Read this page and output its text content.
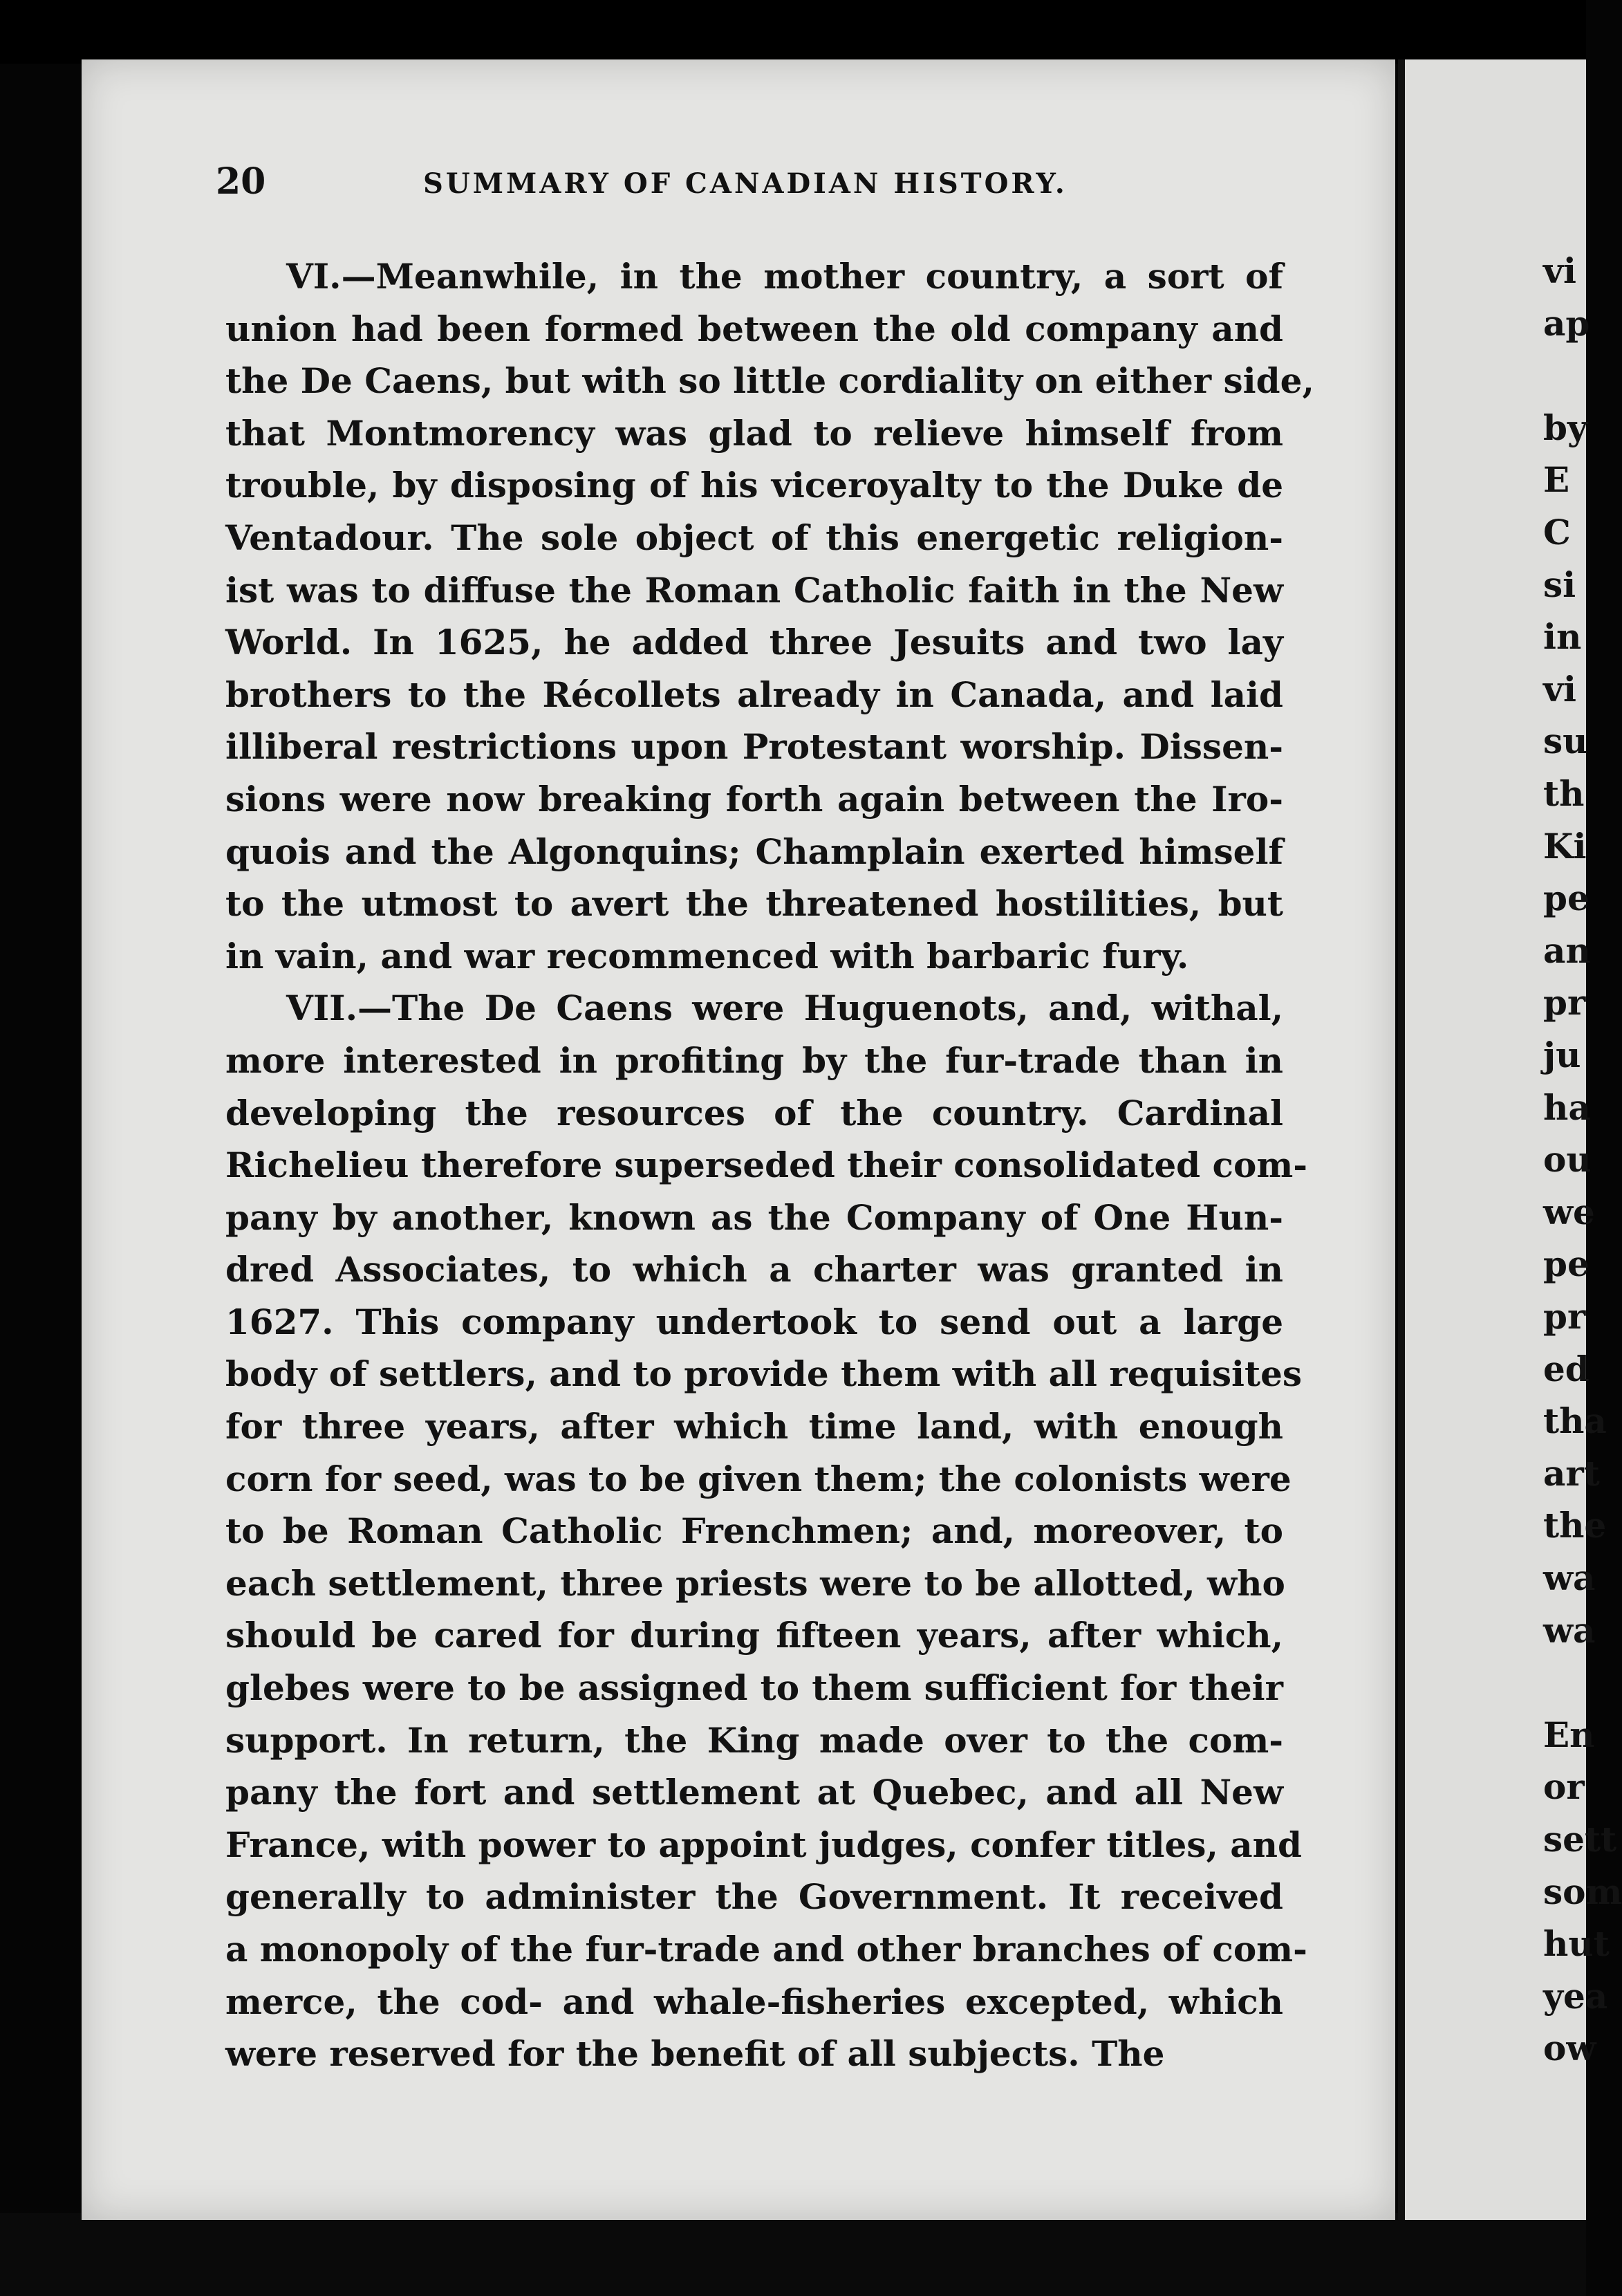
20	SUMMARY OF CANADIAN HISTORY.
VI.—Meanwhile, in the mother country, a sort of
union had been formed between the old company and
the De Caens, but with so little cordiality on either side,
that Montmorency was glad to relieve himself from
trouble, by disposing of his viceroyalty to the Duke de
Ventadour. The sole object of this energetic religion-
ist was to diffuse the Roman Catholic faith in the New
World. In 1625, he added three Jesuits and two lay
brothers to the Récollets already in Canada, and laid
illiberal restrictions upon Protestant worship. Dissen-
sions were now breaking forth again between the Iro-
quois and the Algonquins; Champlain exerted himself
to the utmost to avert the threatened hostilities, but
in vain, and war recommenced with barbaric fury.
VII.—The De Caens were Huguenots, and, withal,
more interested in profiting by the fur-trade than in
developing the resources of the country. Cardinal
Richelieu therefore superseded their consolidated com-
pany by another, known as the Company of One Hun-
dred Associates, to which a charter was granted in
1627. This company undertook to send out a large
body of settlers, and to provide them with all requisites
for three years, after which time land, with enough
corn for seed, was to be given them; the colonists were
to be Roman Catholic Frenchmen; and, moreover, to
each settlement, three priests were to be allotted, who
should be cared for during fifteen years, after which,
glebes were to be assigned to them sufficient for their
support. In return, the King made over to the com-
pany the fort and settlement at Quebec, and all New
France, with power to appoint judges, confer titles, and
generally to administer the Government. It received
a monopoly of the fur-trade and other branches of com-
merce, the cod- and whale-fisheries excepted, which
were reserved for the benefit of all subjects. The
vi
ap
by
E
C
si
in
vi
su
th
Ki
pe
an
pr
ju
ha
ou
we
pe
pr
ed
tha
art
the
wa
wa
En
or
sett
som
hut
yea
ow
